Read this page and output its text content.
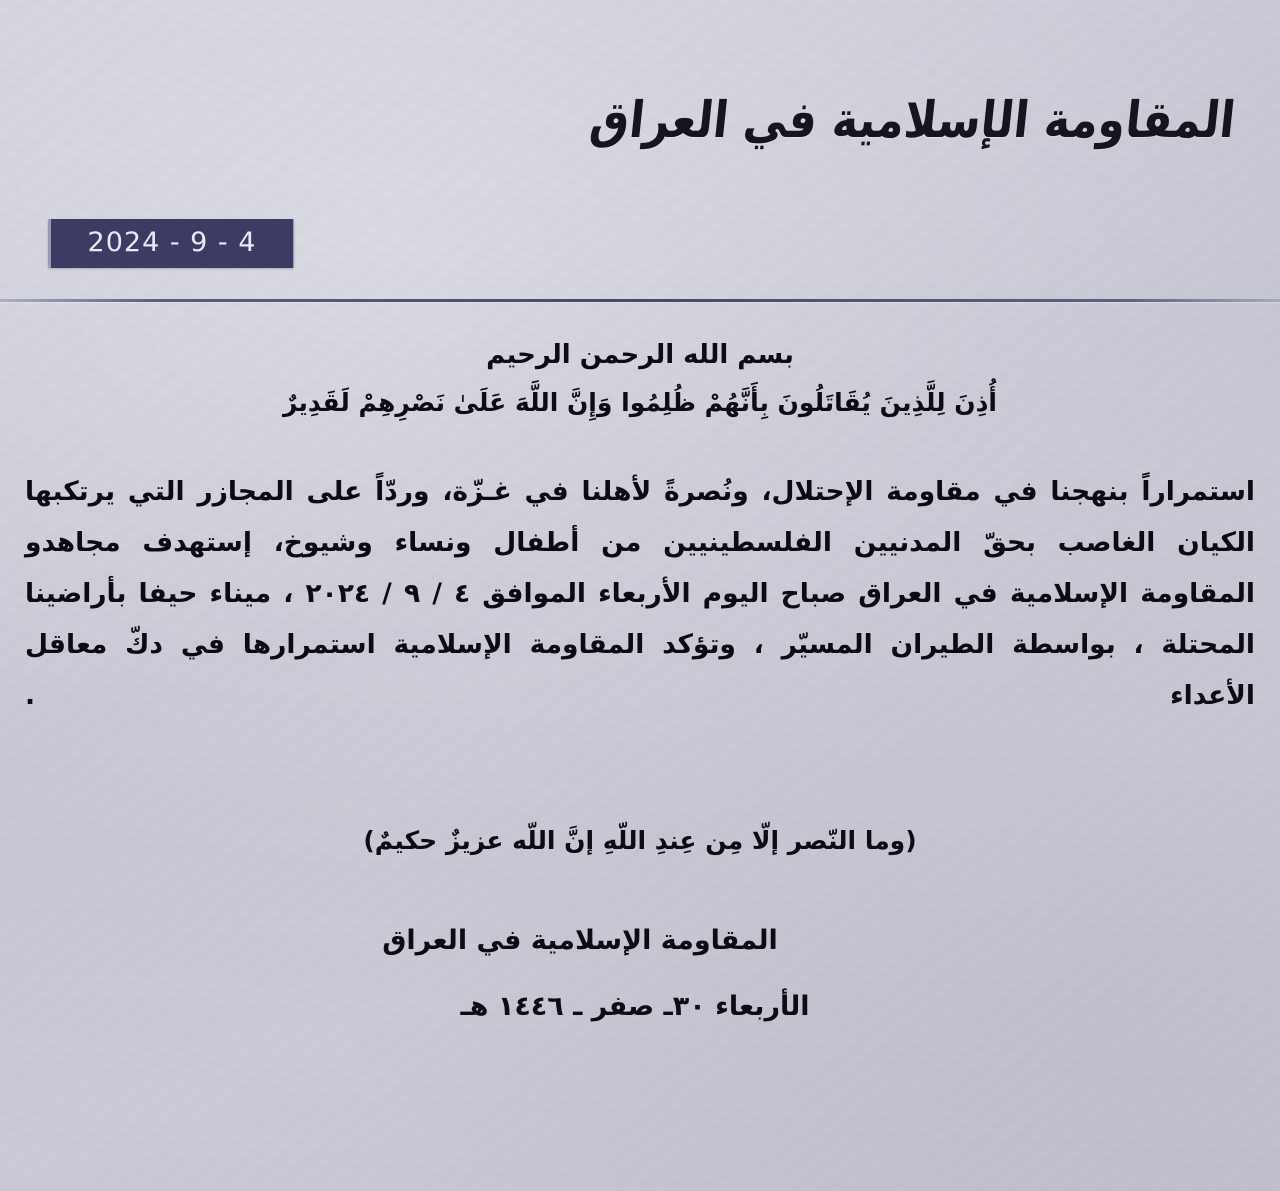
المقاومة الإسلامية في العراق
2024 - 9 - 4
بسم الله الرحمن الرحيم
أُذِنَ لِلَّذِينَ يُقَاتَلُونَ بِأَنَّهُمْ ظُلِمُوا وَإِنَّ اللَّهَ عَلَىٰ نَصْرِهِمْ لَقَدِيرٌ
استمراراً بنهجنا في مقاومة الإحتلال، ونُصرةً لأهلنا في غـزّة، وردّاً على المجازر التي يرتكبها الكيان الغاصب بحقّ المدنيين الفلسطينيين من أطفال ونساء وشيوخ، إستهدف مجاهدو المقاومة الإسلامية في العراق صباح اليوم الأربعاء الموافق ٤ / ٩ / ٢٠٢٤ ، ميناء حيفا بأراضينا المحتلة ، بواسطة الطيران المسيّر ، وتؤكد المقاومة الإسلامية استمرارها في دكّ معاقل الأعداء .
(وما النّصر إلّا مِن عِندِ اللّهِ إنَّ اللّه عزيزٌ حكيمٌ)
المقاومة الإسلامية في العراق
الأربعاء ٣٠ـ صفر ـ ١٤٤٦ هـ
